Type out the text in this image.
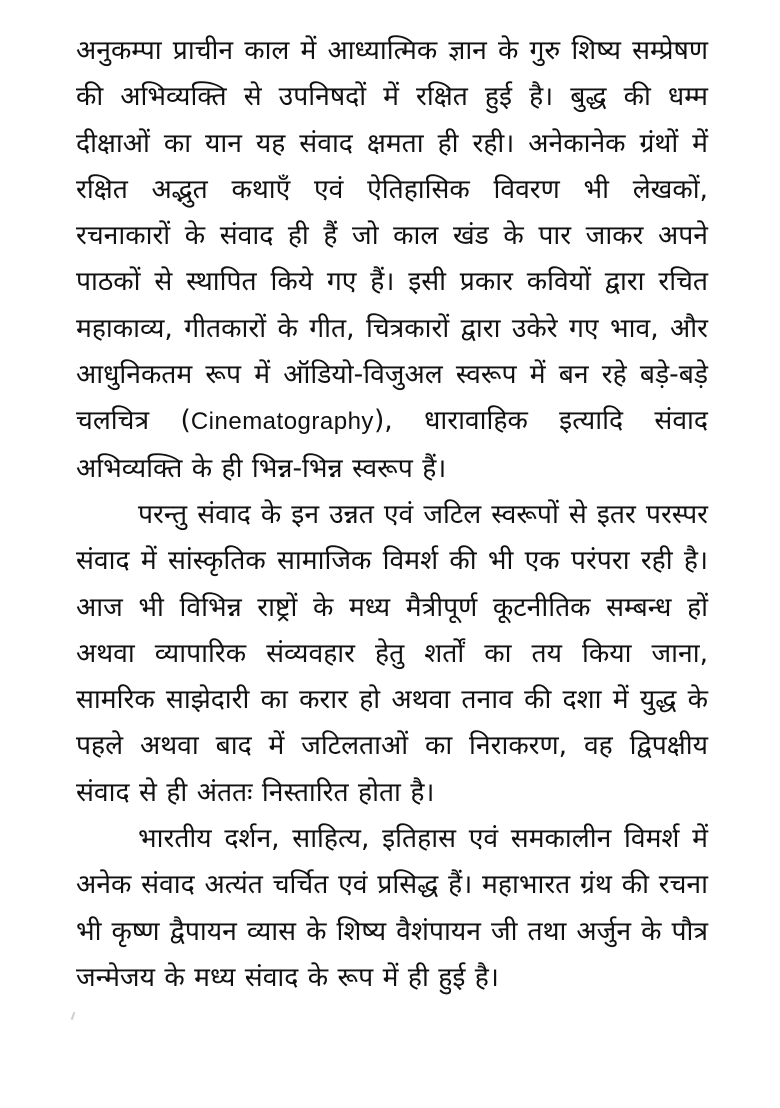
अनुकम्पा प्राचीन काल में आध्यात्मिक ज्ञान के गुरु शिष्य सम्प्रेषण की अभिव्यक्ति से उपनिषदों में रक्षित हुई है। बुद्ध की धम्म दीक्षाओं का यान यह संवाद क्षमता ही रही। अनेकानेक ग्रंथों में रक्षित अद्भुत कथाएँ एवं ऐतिहासिक विवरण भी लेखकों, रचनाकारों के संवाद ही हैं जो काल खंड के पार जाकर अपने पाठकों से स्थापित किये गए हैं। इसी प्रकार कवियों द्वारा रचित महाकाव्य, गीतकारों के गीत, चित्रकारों द्वारा उकेरे गए भाव, और आधुनिकतम रूप में ऑडियो-विजुअल स्वरूप में बन रहे बड़े-बड़े चलचित्र (Cinematography), धारावाहिक इत्यादि संवाद अभिव्यक्ति के ही भिन्न-भिन्न स्वरूप हैं।

परन्तु संवाद के इन उन्नत एवं जटिल स्वरूपों से इतर परस्पर संवाद में सांस्कृतिक सामाजिक विमर्श की भी एक परंपरा रही है। आज भी विभिन्न राष्ट्रों के मध्य मैत्रीपूर्ण कूटनीतिक सम्बन्ध हों अथवा व्यापारिक संव्यवहार हेतु शर्तों का तय किया जाना, सामरिक साझेदारी का करार हो अथवा तनाव की दशा में युद्ध के पहले अथवा बाद में जटिलताओं का निराकरण, वह द्विपक्षीय संवाद से ही अंततः निस्तारित होता है।

भारतीय दर्शन, साहित्य, इतिहास एवं समकालीन विमर्श में अनेक संवाद अत्यंत चर्चित एवं प्रसिद्ध हैं। महाभारत ग्रंथ की रचना भी कृष्ण द्वैपायन व्यास के शिष्य वैशंपायन जी तथा अर्जुन के पौत्र जन्मेजय के मध्य संवाद के रूप में ही हुई है।
